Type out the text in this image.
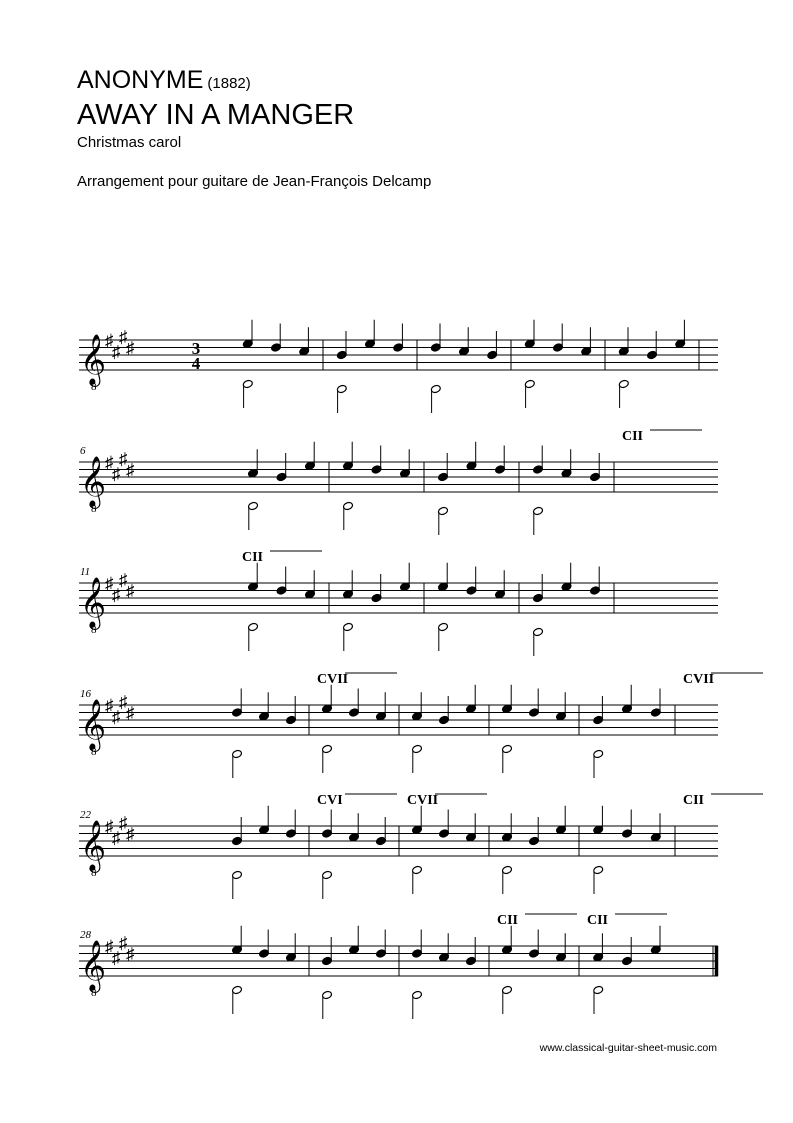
ANONYME (1882)
AWAY IN A MANGER
Christmas carol
Arrangement pour guitare de Jean-François Delcamp
𝄞
8
♯
♯
♯
♯	3
4
𝄞
8
♯
♯
♯
♯
6
CII
𝄞
8
♯
♯
♯
♯
11
CII
𝄞
8
♯
♯
♯
♯
16
CVII	CVII
𝄞
8
♯
♯
♯
♯
22
CVI	CVII	CII
𝄞
8
♯
♯
♯
♯
28
CII	CII
www.classical-guitar-sheet-music.com
